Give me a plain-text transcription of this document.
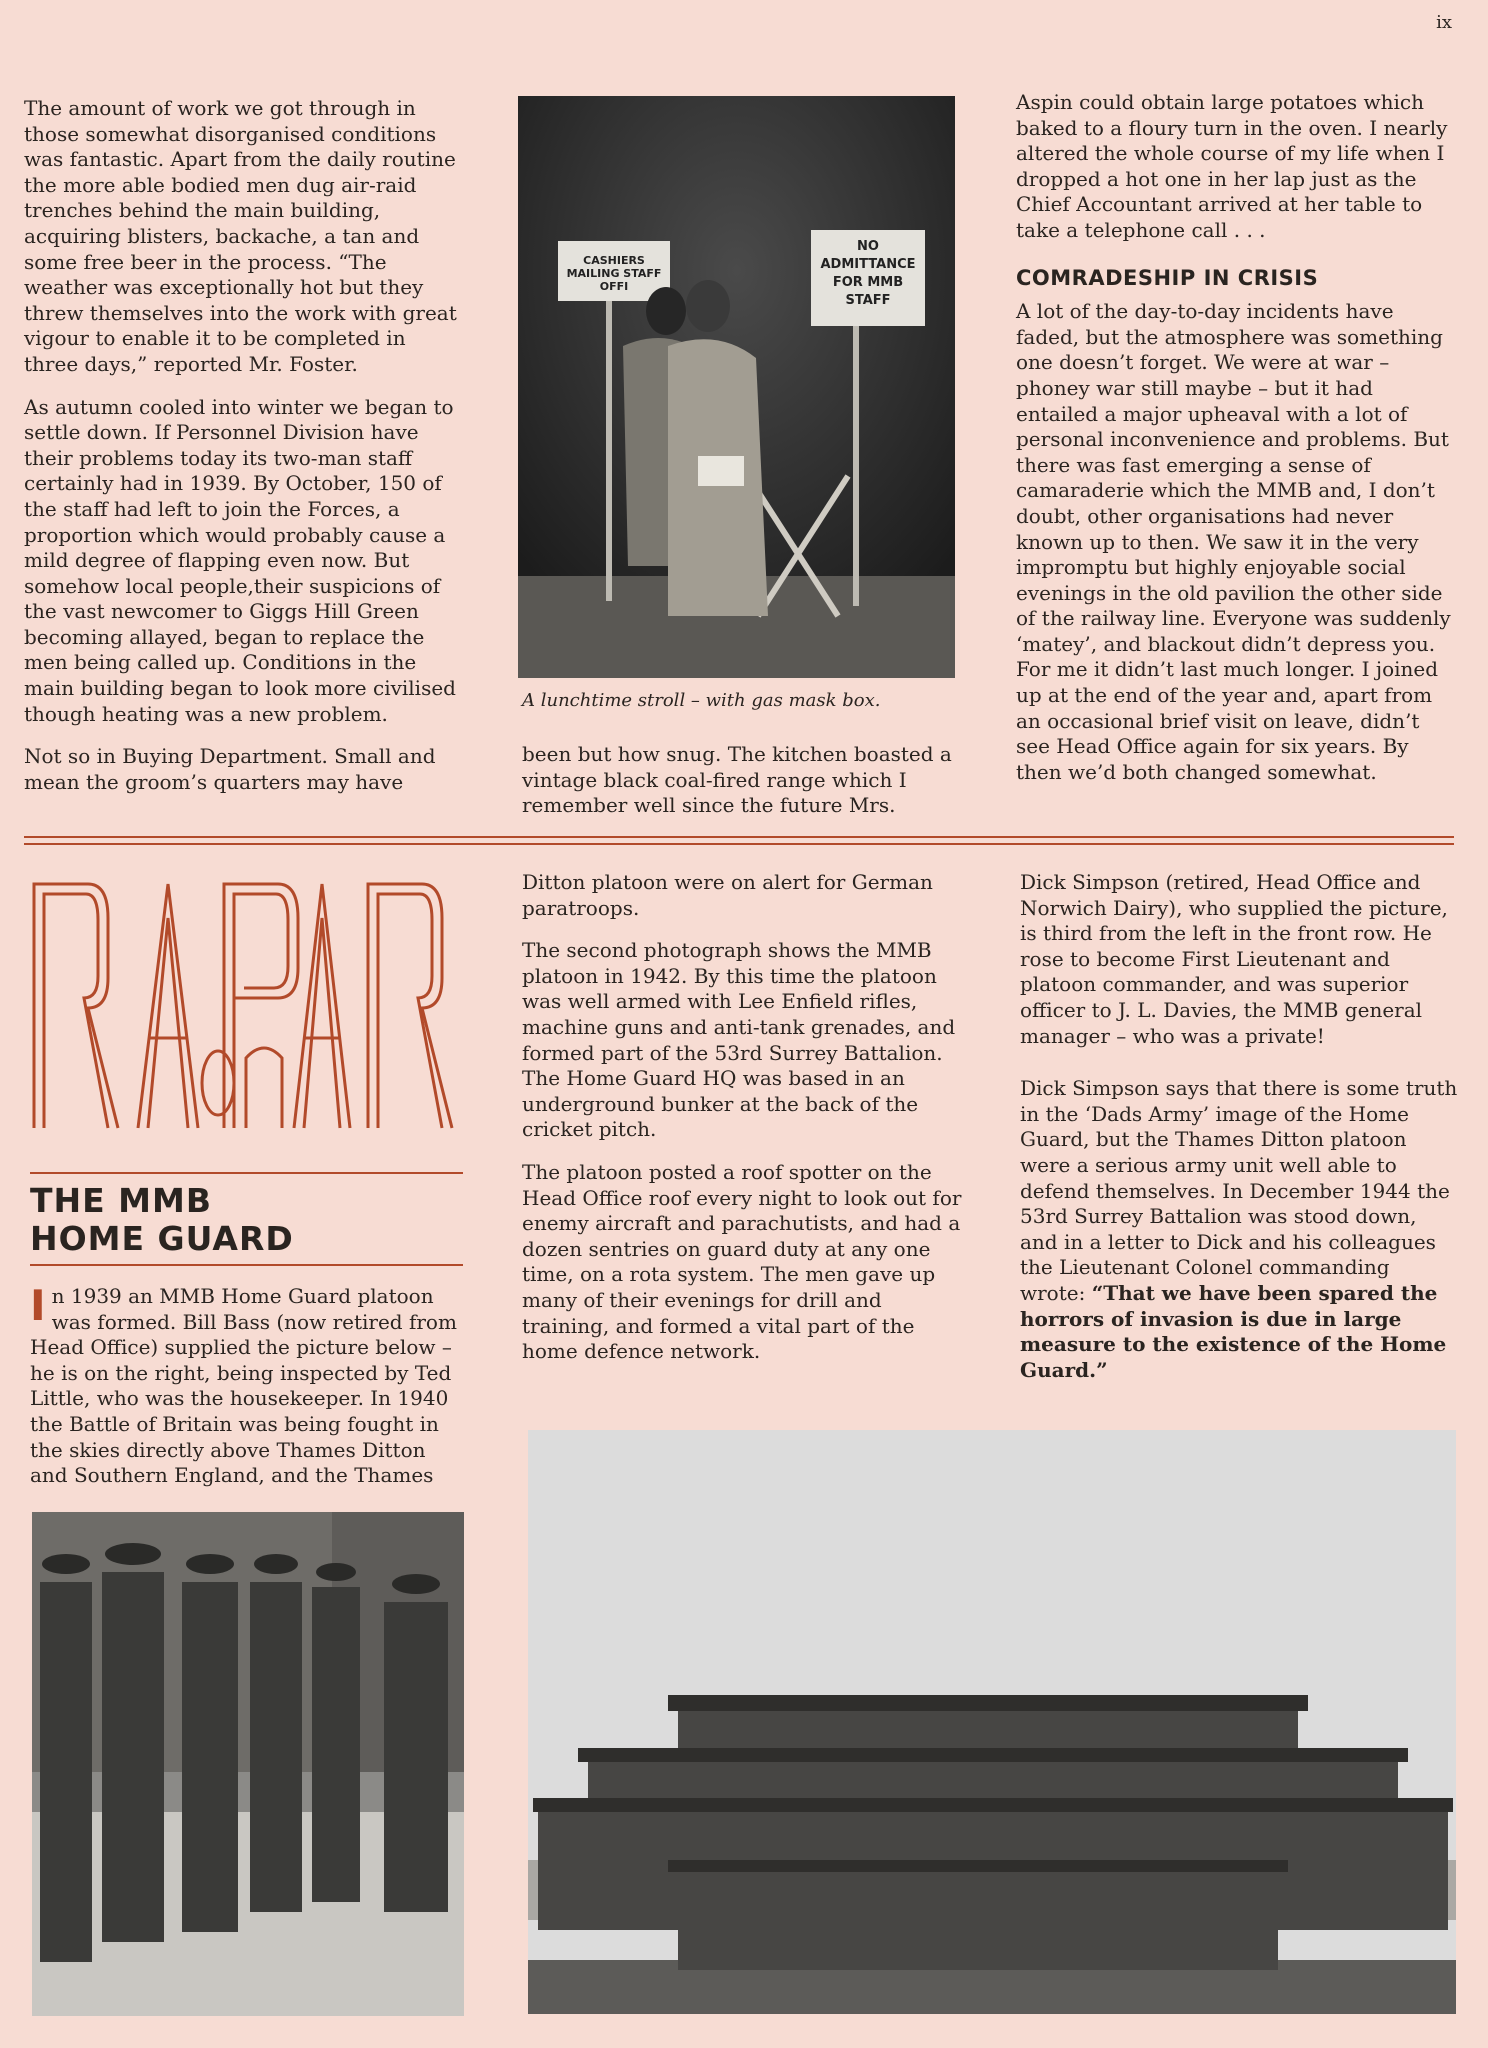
ix

The amount of work we got through in those somewhat disorganised conditions was fantastic. Apart from the daily routine the more able bodied men dug air-raid trenches behind the main building, acquiring blisters, backache, a tan and some free beer in the process. “The weather was exceptionally hot but they threw themselves into the work with great vigour to enable it to be completed in three days,” reported Mr. Foster.

As autumn cooled into winter we began to settle down. If Personnel Division have their problems today its two-man staff certainly had in 1939. By October, 150 of the staff had left to join the Forces, a proportion which would probably cause a mild degree of flapping even now. But somehow local people,their suspicions of the vast newcomer to Giggs Hill Green becoming allayed, began to replace the men being called up. Conditions in the main building began to look more civilised though heating was a new problem.

Not so in Buying Department. Small and mean the groom’s quarters may have

CASHIERS MAILING STAFF OFFI
NO ADMITTANCE FOR MMB STAFF
A lunchtime stroll – with gas mask box.

been but how snug. The kitchen boasted a vintage black coal-fired range which I remember well since the future Mrs.

Aspin could obtain large potatoes which baked to a floury turn in the oven. I nearly altered the whole course of my life when I dropped a hot one in her lap just as the Chief Accountant arrived at her table to take a telephone call . . .

COMRADESHIP IN CRISIS

A lot of the day-to-day incidents have faded, but the atmosphere was something one doesn’t forget. We were at war – phoney war still maybe – but it had entailed a major upheaval with a lot of personal inconvenience and problems. But there was fast emerging a sense of camaraderie which the MMB and, I don’t doubt, other organisations had never known up to then. We saw it in the very impromptu but highly enjoyable social evenings in the old pavilion the other side of the railway line. Everyone was suddenly ‘matey’, and blackout didn’t depress you. For me it didn’t last much longer. I joined up at the end of the year and, apart from an occasional brief visit on leave, didn’t see Head Office again for six years. By then we’d both changed somewhat.

THE MMB
HOME GUARD

I n 1939 an MMB Home Guard platoon was formed. Bill Bass (now retired from Head Office) supplied the picture below – he is on the right, being inspected by Ted Little, who was the housekeeper. In 1940 the Battle of Britain was being fought in the skies directly above Thames Ditton and Southern England, and the Thames

Ditton platoon were on alert for German paratroops.

The second photograph shows the MMB platoon in 1942. By this time the platoon was well armed with Lee Enfield rifles, machine guns and anti-tank grenades, and formed part of the 53rd Surrey Battalion. The Home Guard HQ was based in an underground bunker at the back of the cricket pitch.

The platoon posted a roof spotter on the Head Office roof every night to look out for enemy aircraft and parachutists, and had a dozen sentries on guard duty at any one time, on a rota system. The men gave up many of their evenings for drill and training, and formed a vital part of the home defence network.

Dick Simpson (retired, Head Office and Norwich Dairy), who supplied the picture, is third from the left in the front row. He rose to become First Lieutenant and platoon commander, and was superior officer to J. L. Davies, the MMB general manager – who was a private!

Dick Simpson says that there is some truth in the ‘Dads Army’ image of the Home Guard, but the Thames Ditton platoon were a serious army unit well able to defend themselves. In December 1944 the 53rd Surrey Battalion was stood down, and in a letter to Dick and his colleagues the Lieutenant Colonel commanding wrote: “That we have been spared the horrors of invasion is due in large measure to the existence of the Home Guard.”
